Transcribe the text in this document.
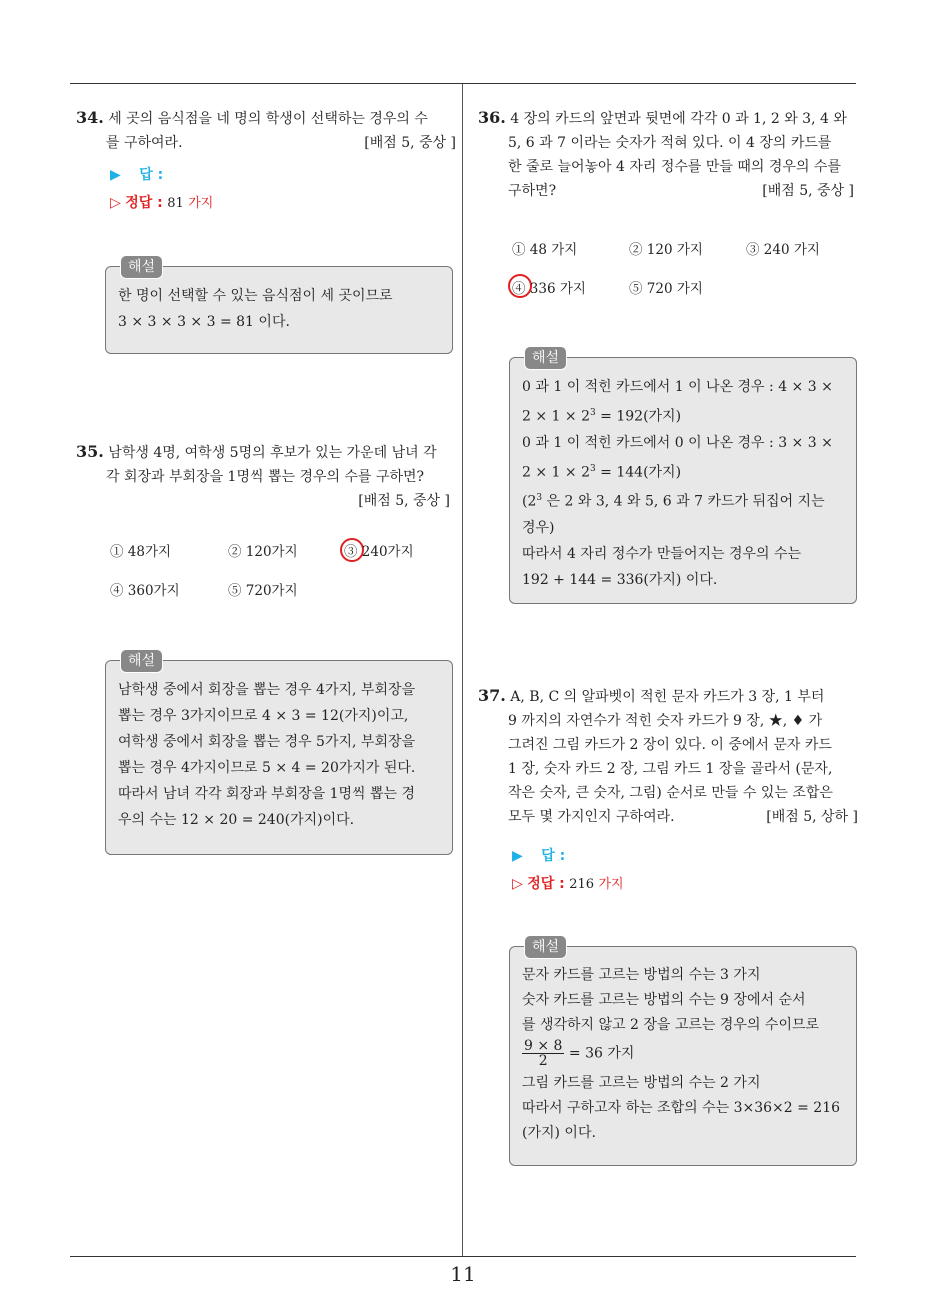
34. 세 곳의 음식점을 네 명의 학생이 선택하는 경우의 수

를 구하여라.	[배점 5, 중상 ]
▶ 답 :
▷ 정답 : 81 가지
해설
한 명이 선택할 수 있는 음식점이 세 곳이므로
3 × 3 × 3 × 3 = 81 이다.
35. 남학생 4명, 여학생 5명의 후보가 있는 가운데 남녀 각

각 회장과 부회장을 1명씩 뽑는 경우의 수를 구하면?
[배점 5, 중상 ]
① 48가지	② 120가지	③ 240가지
④ 360가지	⑤ 720가지
해설
남학생 중에서 회장을 뽑는 경우 4가지, 부회장을
뽑는 경우 3가지이므로 4 × 3 = 12(가지)이고,
여학생 중에서 회장을 뽑는 경우 5가지, 부회장을
뽑는 경우 4가지이므로 5 × 4 = 20가지가 된다.
따라서 남녀 각각 회장과 부회장을 1명씩 뽑는 경
우의 수는 12 × 20 = 240(가지)이다.
36. 4 장의 카드의 앞면과 뒷면에 각각 0 과 1, 2 와 3, 4 와

5, 6 과 7 이라는 숫자가 적혀 있다. 이 4 장의 카드를
한 줄로 늘어놓아 4 자리 정수를 만들 때의 경우의 수를
구하면?	[배점 5, 중상 ]
① 48 가지	② 120 가지	③ 240 가지
④ 336 가지	⑤ 720 가지
해설
0 과 1 이 적힌 카드에서 1 이 나온 경우 : 4 × 3 ×
$2 \times 1 \times 2^3 = 192$(가지)
0 과 1 이 적힌 카드에서 0 이 나온 경우 : 3 × 3 ×
$2 \times 1 \times 2^3 = 144$(가지)
($2^3$ 은 2 와 3, 4 와 5, 6 과 7 카드가 뒤집어 지는
경우)
따라서 4 자리 정수가 만들어지는 경우의 수는
192 + 144 = 336(가지) 이다.
37. A, B, C 의 알파벳이 적힌 문자 카드가 3 장, 1 부터

9 까지의 자연수가 적힌 숫자 카드가 9 장, ★, ♦ 가
그려진 그림 카드가 2 장이 있다. 이 중에서 문자 카드
1 장, 숫자 카드 2 장, 그림 카드 1 장을 골라서 (문자,
작은 숫자, 큰 숫자, 그림) 순서로 만들 수 있는 조합은
모두 몇 가지인지 구하여라.	[배점 5, 상하 ]
▶ 답 :
▷ 정답 : 216 가지
해설
문자 카드를 고르는 방법의 수는 3 가지
숫자 카드를 고르는 방법의 수는 9 장에서 순서
를 생각하지 않고 2 장을 고르는 경우의 수이므로
$\frac{9 \times 8}{2} = 36$ 가지
그림 카드를 고르는 방법의 수는 2 가지
따라서 구하고자 하는 조합의 수는 3×36×2 = 216
(가지) 이다.
11
